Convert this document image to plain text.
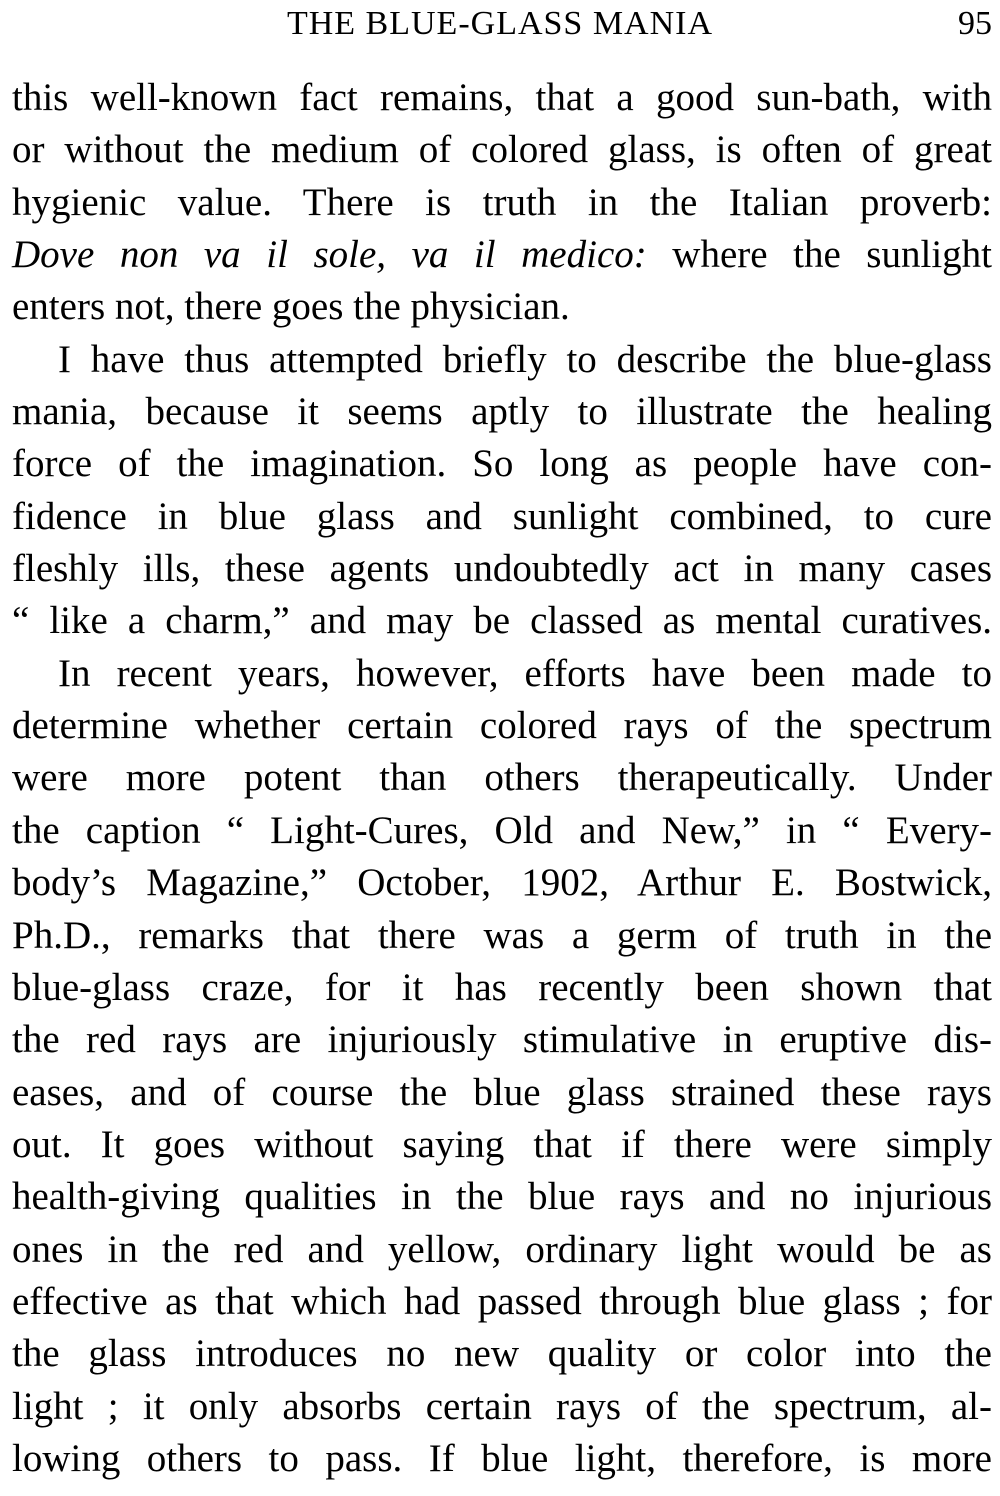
THE BLUE-GLASS MANIA	95
this well-known fact remains, that a good sun-bath, with
or without the medium of colored glass, is often of great
hygienic value. There is truth in the Italian proverb:
Dove non va il sole, va il medico: where the sunlight
enters not, there goes the physician.
I have thus attempted briefly to describe the blue-glass
mania, because it seems aptly to illustrate the healing
force of the imagination. So long as people have con-
fidence in blue glass and sunlight combined, to cure
fleshly ills, these agents undoubtedly act in many cases
“ like a charm,” and may be classed as mental curatives.
In recent years, however, efforts have been made to
determine whether certain colored rays of the spectrum
were more potent than others therapeutically. Under
the caption “ Light-Cures, Old and New,” in “ Every-
body’s Magazine,” October, 1902, Arthur E. Bostwick,
Ph.D., remarks that there was a germ of truth in the
blue-glass craze, for it has recently been shown that
the red rays are injuriously stimulative in eruptive dis-
eases, and of course the blue glass strained these rays
out. It goes without saying that if there were simply
health-giving qualities in the blue rays and no injurious
ones in the red and yellow, ordinary light would be as
effective as that which had passed through blue glass ; for
the glass introduces no new quality or color into the
light ; it only absorbs certain rays of the spectrum, al-
lowing others to pass. If blue light, therefore, is more
